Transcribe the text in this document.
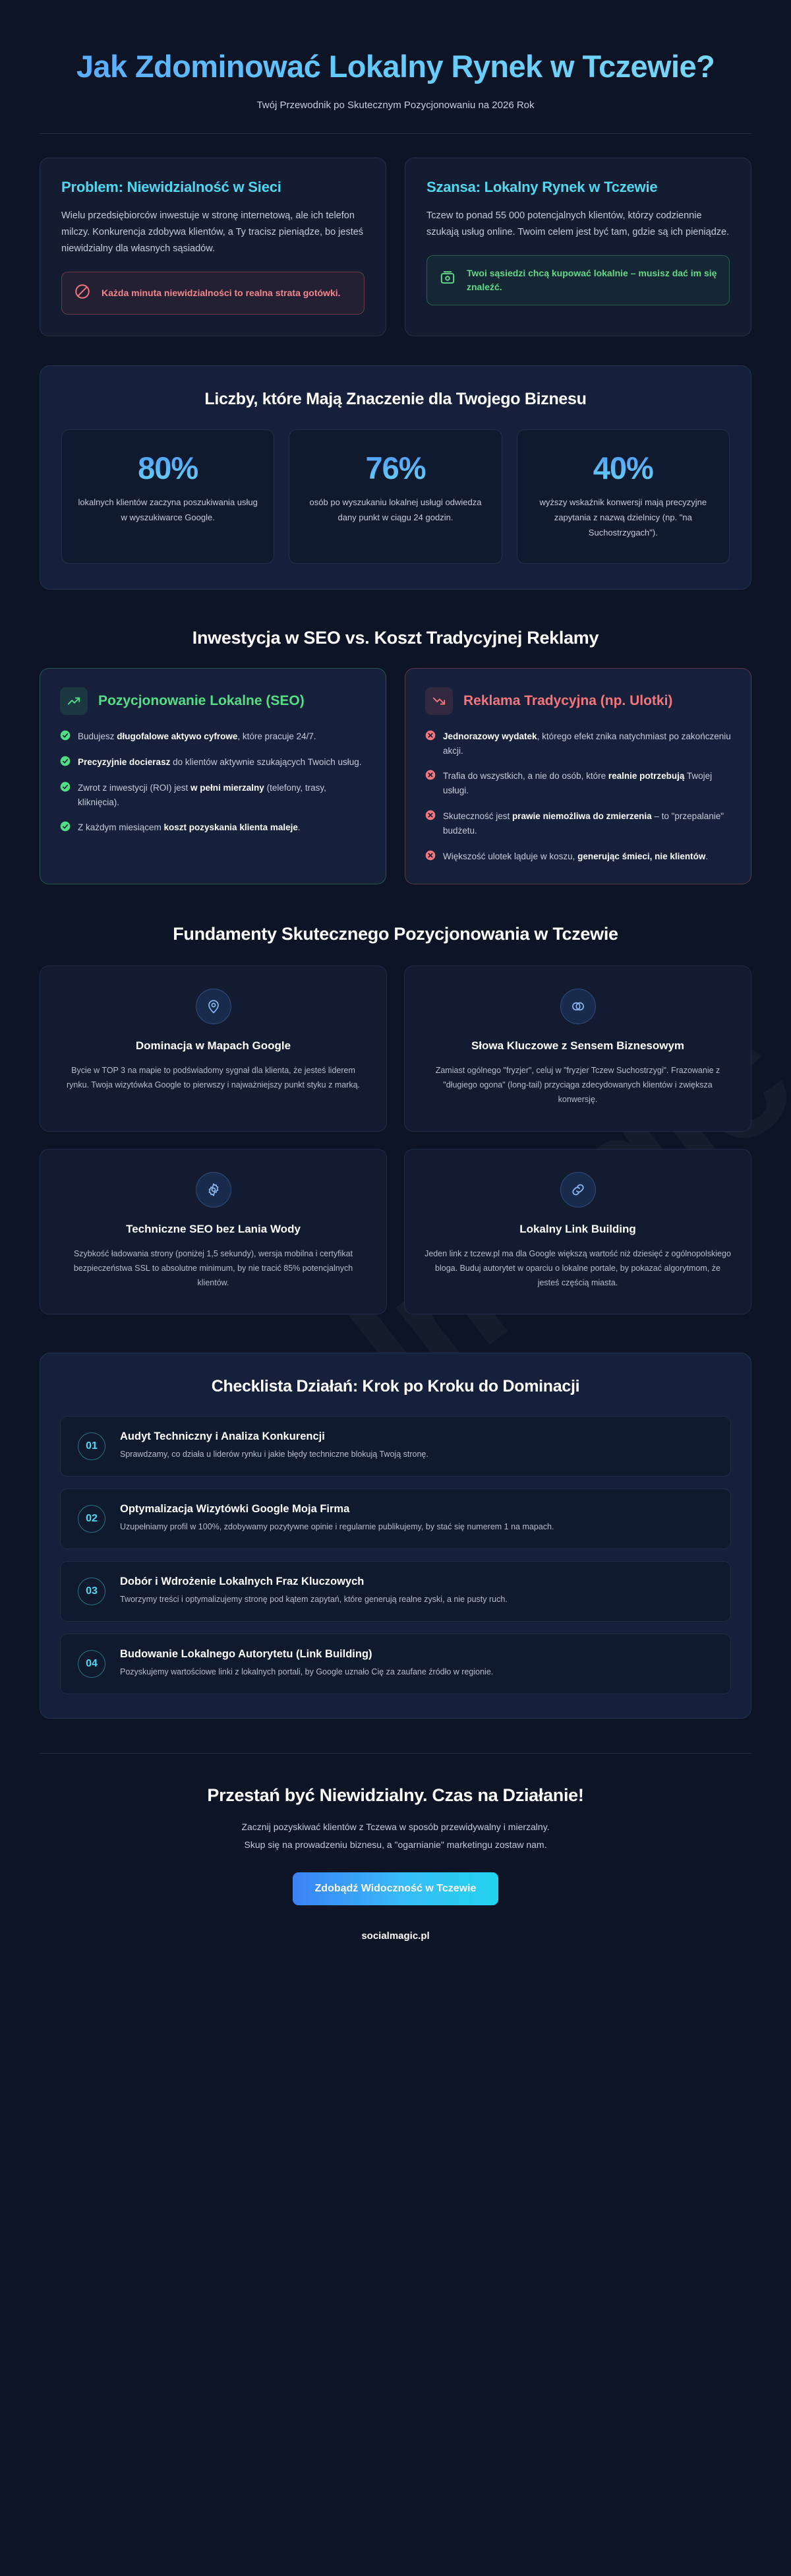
Jak Zdominować Lokalny Rynek w Tczewie?
Twój Przewodnik po Skutecznym Pozycjonowaniu na 2026 Rok
Problem: Niewidzialność w Sieci

Wielu przedsiębiorców inwestuje w stronę internetową, ale ich telefon milczy. Konkurencja zdobywa klientów, a Ty tracisz pieniądze, bo jesteś niewidzialny dla własnych sąsiadów.

Każda minuta niewidzialności to realna strata gotówki.
Szansa: Lokalny Rynek w Tczewie

Tczew to ponad 55 000 potencjalnych klientów, którzy codziennie szukają usług online. Twoim celem jest być tam, gdzie są ich pieniądze.

Twoi sąsiedzi chcą kupować lokalnie – musisz dać im się znaleźć.
Liczby, które Mają Znaczenie dla Twojego Biznesu
80%
lokalnych klientów zaczyna poszukiwania usług w wyszukiwarce Google.
76%
osób po wyszukaniu lokalnej usługi odwiedza dany punkt w ciągu 24 godzin.
40%
wyższy wskaźnik konwersji mają precyzyjne zapytania z nazwą dzielnicy (np. "na Suchostrzygach").
Inwestycja w SEO vs. Koszt Tradycyjnej Reklamy
Pozycjonowanie Lokalne (SEO)
Budujesz długofalowe aktywo cyfrowe, które pracuje 24/7.
Precyzyjnie docierasz do klientów aktywnie szukających Twoich usług.
Zwrot z inwestycji (ROI) jest w pełni mierzalny (telefony, trasy, kliknięcia).
Z każdym miesiącem koszt pozyskania klienta maleje.
Reklama Tradycyjna (np. Ulotki)
Jednorazowy wydatek, którego efekt znika natychmiast po zakończeniu akcji.
Trafia do wszystkich, a nie do osób, które realnie potrzebują Twojej usługi.
Skuteczność jest prawie niemożliwa do zmierzenia – to "przepalanie" budżetu.
Większość ulotek ląduje w koszu, generując śmieci, nie klientów.
Fundamenty Skutecznego Pozycjonowania w Tczewie
Dominacja w Mapach Google

Bycie w TOP 3 na mapie to podświadomy sygnał dla klienta, że jesteś liderem rynku. Twoja wizytówka Google to pierwszy i najważniejszy punkt styku z marką.

Słowa Kluczowe z Sensem Biznesowym

Zamiast ogólnego "fryzjer", celuj w "fryzjer Tczew Suchostrzygi". Frazowanie z "długiego ogona" (long-tail) przyciąga zdecydowanych klientów i zwiększa konwersję.

Techniczne SEO bez Lania Wody

Szybkość ładowania strony (poniżej 1,5 sekundy), wersja mobilna i certyfikat bezpieczeństwa SSL to absolutne minimum, by nie tracić 85% potencjalnych klientów.

Lokalny Link Building

Jeden link z tczew.pl ma dla Google większą wartość niż dziesięć z ogólnopolskiego bloga. Buduj autorytet w oparciu o lokalne portale, by pokazać algorytmom, że jesteś częścią miasta.

Checklista Działań: Krok po Kroku do Dominacji
01
Audyt Techniczny i Analiza Konkurencji

Sprawdzamy, co działa u liderów rynku i jakie błędy techniczne blokują Twoją stronę.

02
Optymalizacja Wizytówki Google Moja Firma

Uzupełniamy profil w 100%, zdobywamy pozytywne opinie i regularnie publikujemy, by stać się numerem 1 na mapach.

03
Dobór i Wdrożenie Lokalnych Fraz Kluczowych

Tworzymy treści i optymalizujemy stronę pod kątem zapytań, które generują realne zyski, a nie pusty ruch.

04
Budowanie Lokalnego Autorytetu (Link Building)

Pozyskujemy wartościowe linki z lokalnych portali, by Google uznało Cię za zaufane źródło w regionie.

Przestań być Niewidzialny. Czas na Działanie!

Zacznij pozyskiwać klientów z Tczewa w sposób przewidywalny i mierzalny.

Skup się na prowadzeniu biznesu, a "ogarnianie" marketingu zostaw nam.

Zdobądź Widoczność w Tczewie
socialmagic.pl
